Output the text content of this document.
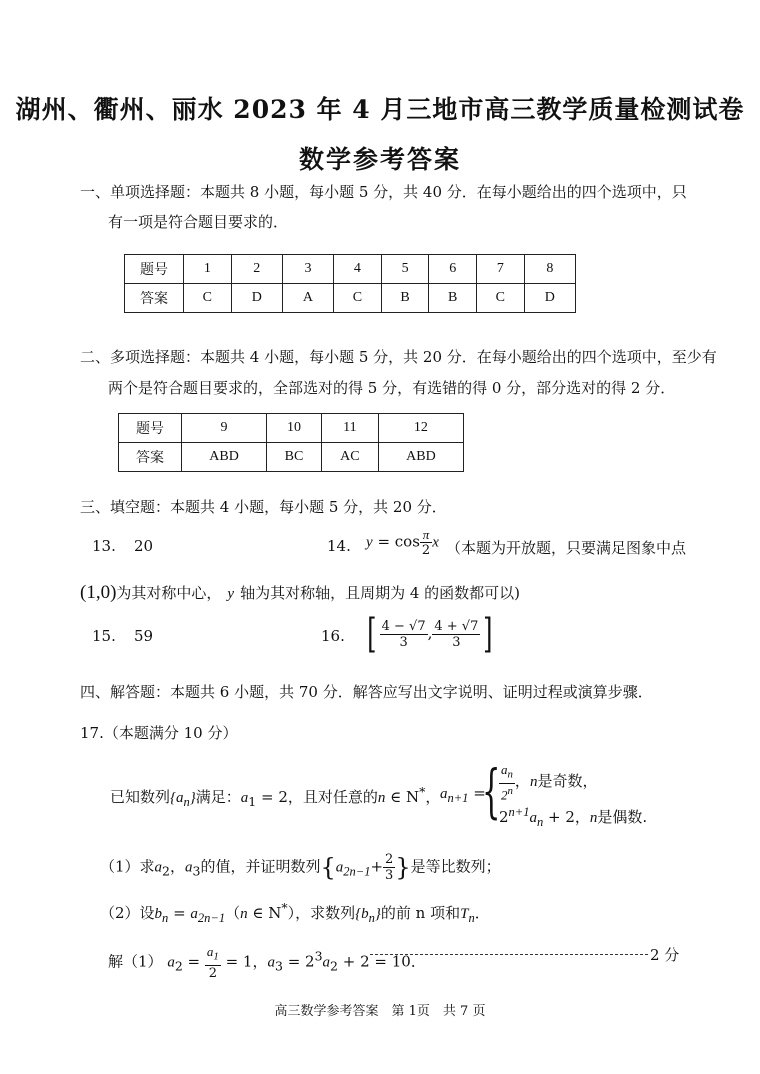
湖州、衢州、丽水 2023 年 4 月三地市高三教学质量检测试卷
数学参考答案
一、单项选择题：本题共 8 小题，每小题 5 分，共 40 分．在每小题给出的四个选项中，只
有一项是符合题目要求的．
题号	1	2	3	4	5	6	7	8
答案	C	D	A	C	B	B	C	D
二、多项选择题：本题共 4 小题，每小题 5 分，共 20 分．在每小题给出的四个选项中，至少有
两个是符合题目要求的，全部选对的得 5 分，有选错的得 0 分，部分选对的得 2 分．
题号	9	10	11	12
答案	ABD	BC	AC	ABD
三、填空题：本题共 4 小题，每小题 5 分，共 20 分．
13. 20	14. $y = \cos \frac{\pi}{2}$ x （本题为开放题，只要满足图象中点
(1,0)为其对称中心， y 轴为其对称轴，且周期为 4 的函数都可以)
15. 59	16. [ $\frac{4 - √7}{3}$ , $\frac{4 + √7}{3}$ ]
四、解答题：本题共 6 小题，共 70 分．解答应写出文字说明、证明过程或演算步骤．
17.（本题满分 10 分）
已知数列$\{a_n\}$满足：$a_1 = 2$，且对任意的n ∈ N*， $a_{n+1}$ =
{
$\frac{a_n}{2^n}$ ，n是奇数，
$2^{n+1}a_n + 2$，n是偶数.
（1）求$a_2$，$a_3$的值，并证明数列{$a_{2n-1}+ \frac{2}{3}$ }是等比数列；
（2）设$b_n = a_{2n-1}(n$ ∈ N*），求数列$\{b_n\}$的前 n 项和$T_n$．
解（1） $a_2 = \frac{a_1}{2} = 1$，$a_3 = 2^3a_2 + 2 = 10$．	2 分
高三数学参考答案　第 1页　共 7 页
